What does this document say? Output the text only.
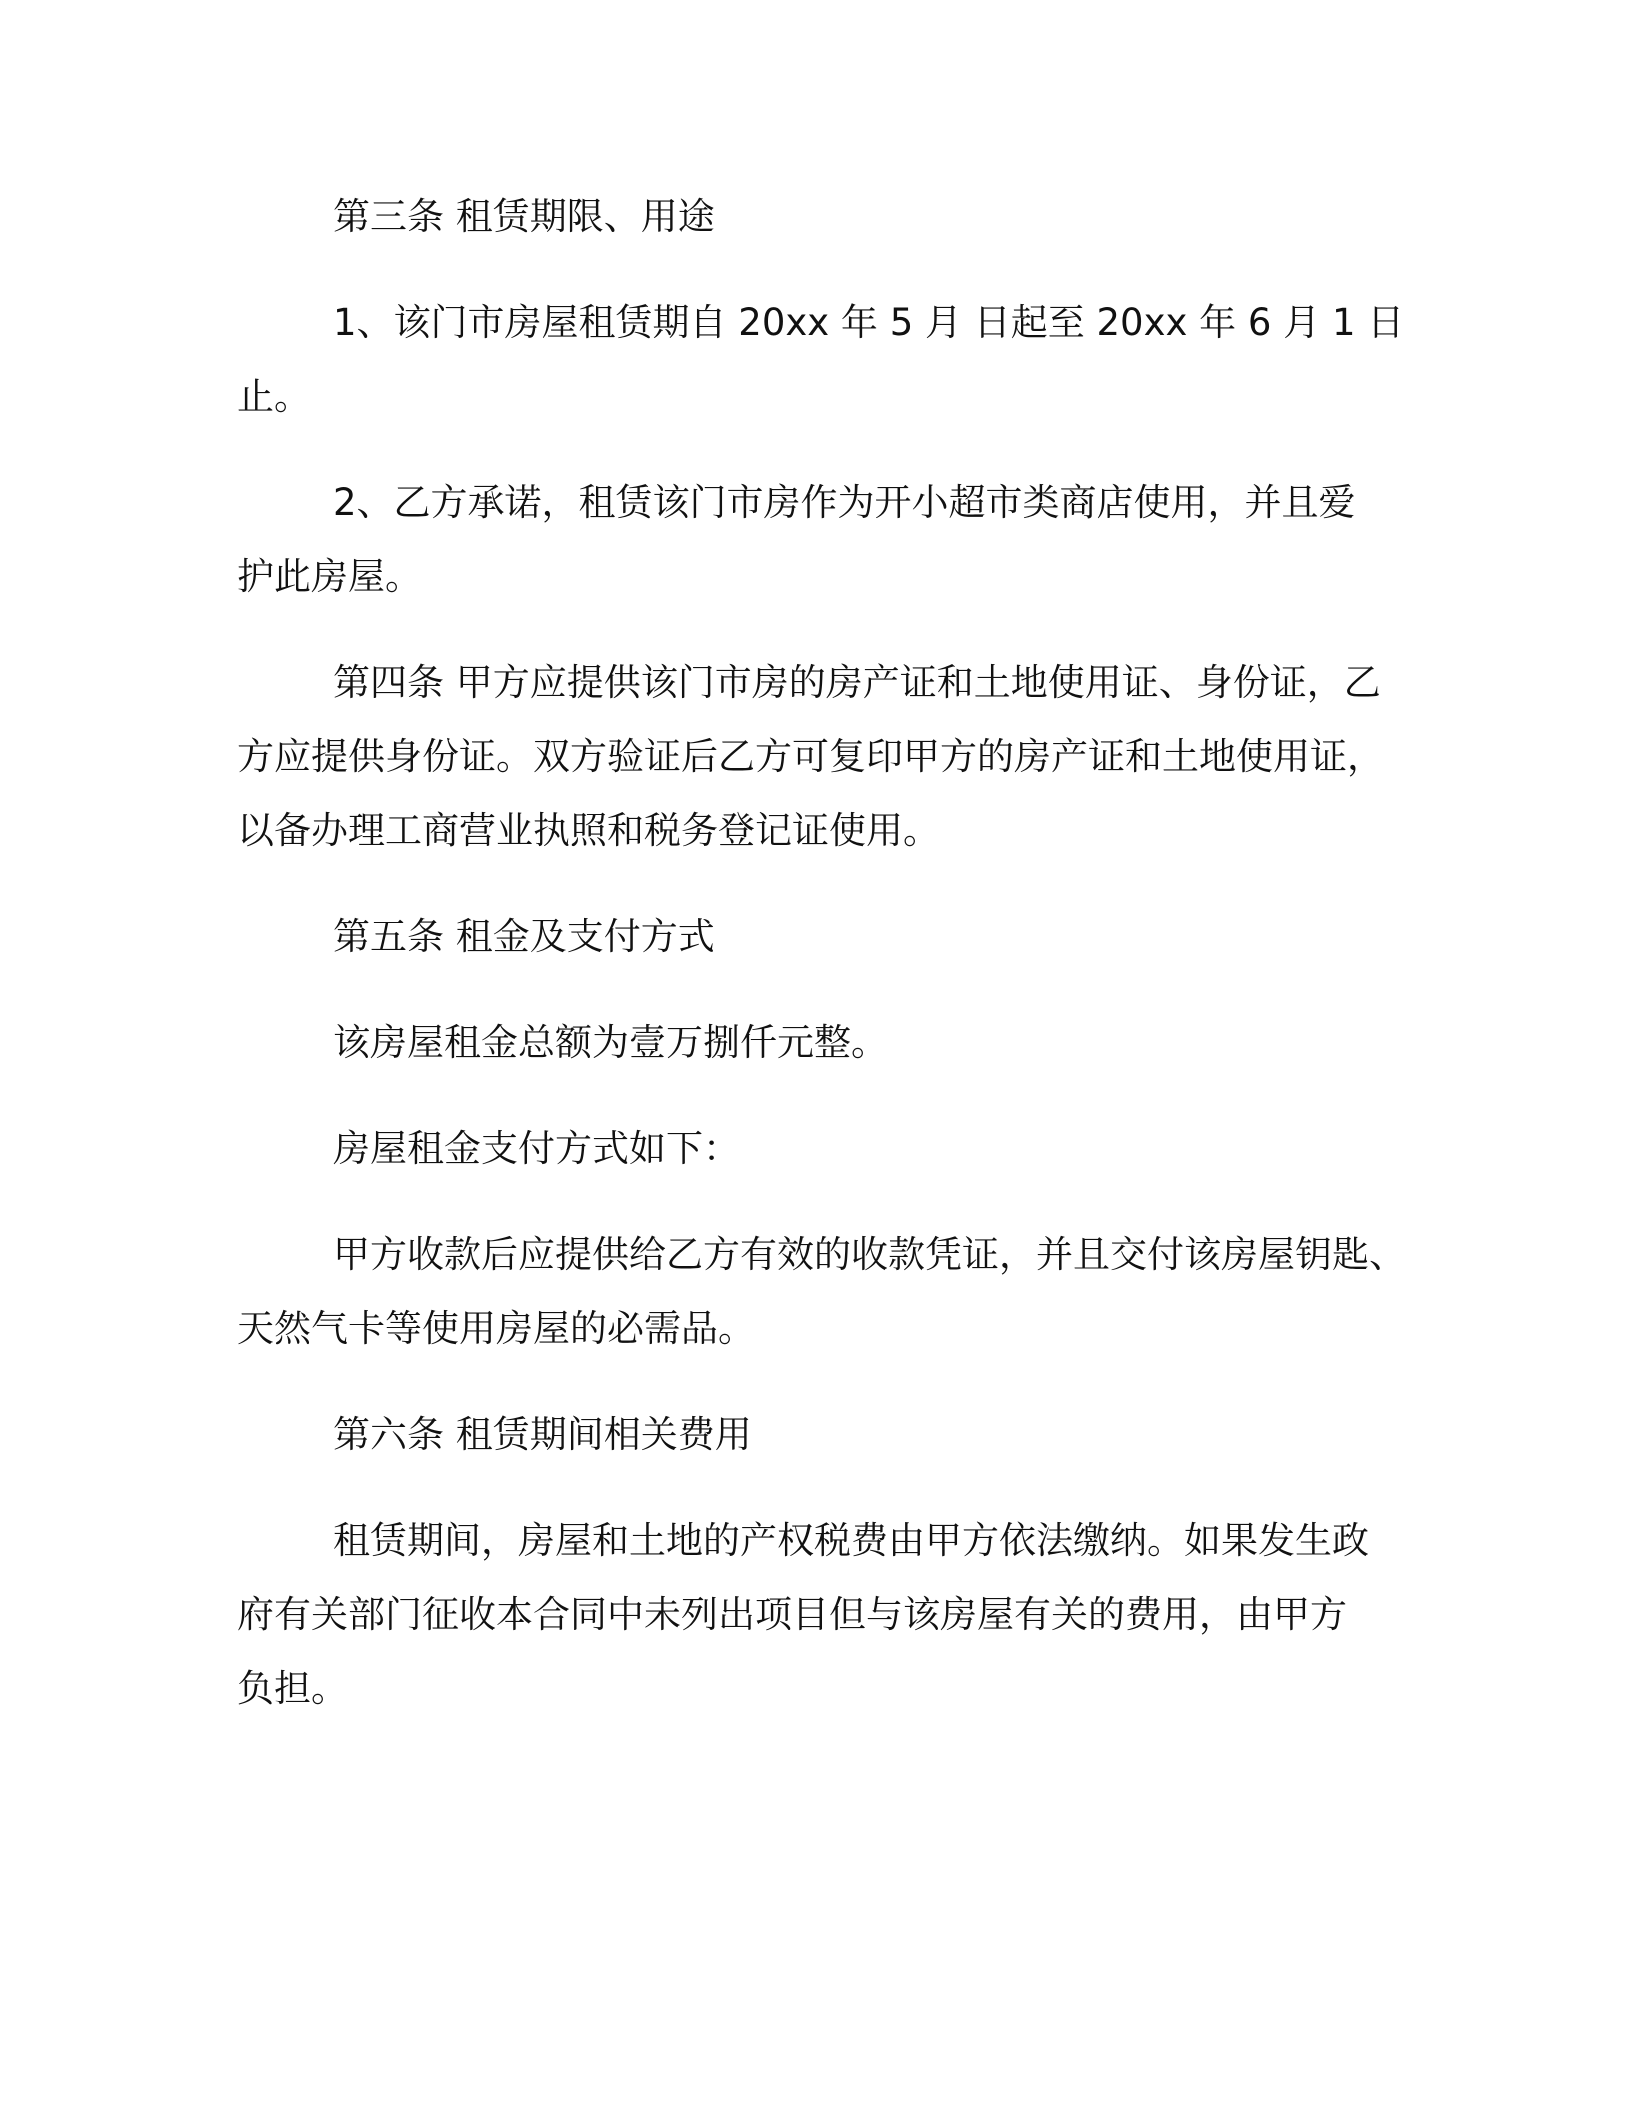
第三条 租赁期限、用途
1、该门市房屋租赁期自 20xx 年 5 月 日起至 20xx 年 6 月 1 日
止。
2、乙方承诺，租赁该门市房作为开小超市类商店使用，并且爱
护此房屋。
第四条 甲方应提供该门市房的房产证和土地使用证、身份证，乙
方应提供身份证。双方验证后乙方可复印甲方的房产证和土地使用证，
以备办理工商营业执照和税务登记证使用。
第五条 租金及支付方式
该房屋租金总额为壹万捌仟元整。
房屋租金支付方式如下：
甲方收款后应提供给乙方有效的收款凭证，并且交付该房屋钥匙、
天然气卡等使用房屋的必需品。
第六条 租赁期间相关费用
租赁期间，房屋和土地的产权税费由甲方依法缴纳。如果发生政
府有关部门征收本合同中未列出项目但与该房屋有关的费用，由甲方
负担。
